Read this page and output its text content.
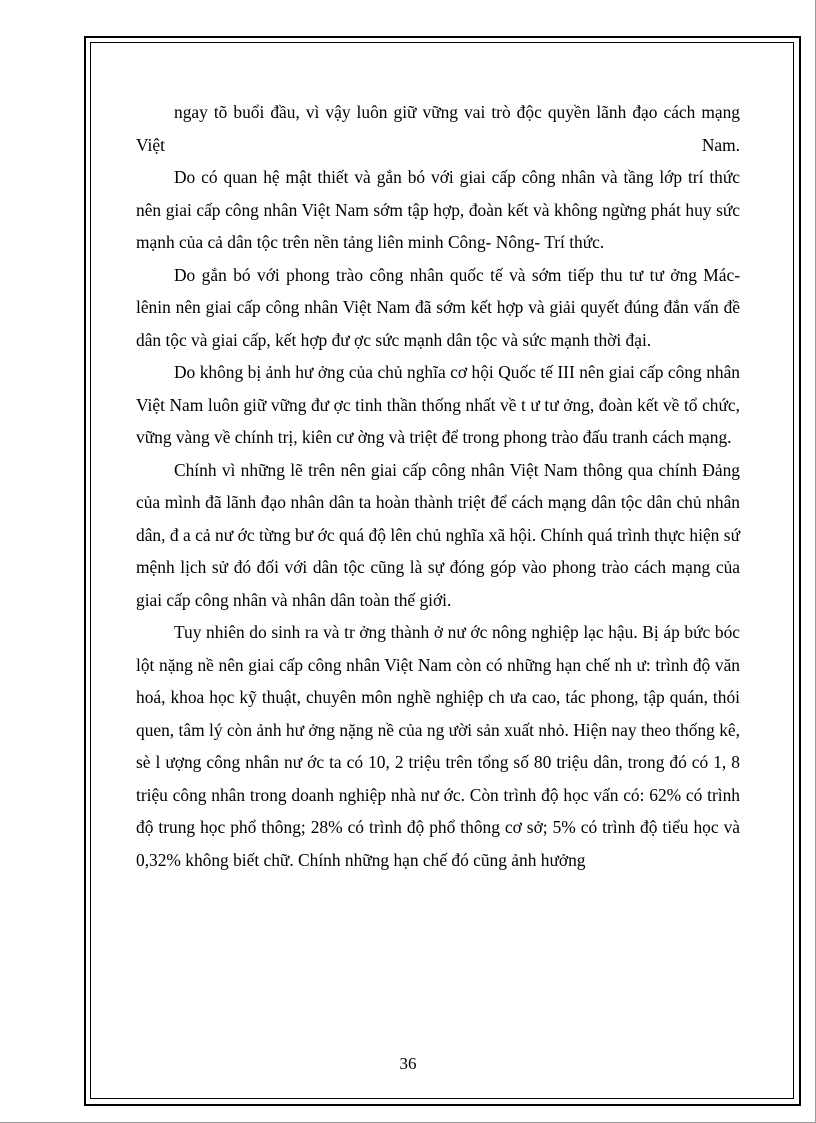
ngay tõ buổi đầu, vì vậy luôn giữ vững vai trò độc quyền lãnh đạo cách mạng Việt Nam.

Do có quan hệ mật thiết và gắn bó với giai cấp công nhân và tầng lớp trí thức nên giai cấp công nhân Việt Nam sớm tập hợp, đoàn kết và không ngừng phát huy sức mạnh của cả dân tộc trên nền tảng liên minh Công- Nông- Trí thức.

Do gắn bó với phong trào công nhân quốc tế và sớm tiếp thu tư tư ởng Mác- lênin nên giai cấp công nhân Việt Nam đã sớm kết hợp và giải quyết đúng đắn vấn đề dân tộc và giai cấp, kết hợp đư ợc sức mạnh dân tộc và sức mạnh thời đại.

Do không bị ảnh hư ởng của chủ nghĩa cơ hội Quốc tế III nên giai cấp công nhân Việt Nam luôn giữ vững đư ợc tinh thần thống nhất về t ư tư ởng, đoàn kết về tổ chức, vững vàng về chính trị, kiên cư ờng và triệt để trong phong trào đấu tranh cách mạng.

Chính vì những lẽ trên nên giai cấp công nhân Việt Nam thông qua chính Đảng của mình đã lãnh đạo nhân dân ta hoàn thành triệt để cách mạng dân tộc dân chủ nhân dân, đ a cả nư ớc từng bư ớc quá độ lên chủ nghĩa xã hội. Chính quá trình thực hiện sứ mệnh lịch sử đó đối với dân tộc cũng là sự đóng góp vào phong trào cách mạng của giai cấp công nhân và nhân dân toàn thế giới.

Tuy nhiên do sinh ra và tr ởng thành ở nư ớc nông nghiệp lạc hậu. Bị áp bức bóc lột nặng nề nên giai cấp công nhân Việt Nam còn có những hạn chế nh ư: trình độ văn hoá, khoa học kỹ thuật, chuyên môn nghề nghiệp ch ưa cao, tác phong, tập quán, thói quen, tâm lý còn ảnh hư ởng nặng nề của ng ười sản xuất nhỏ. Hiện nay theo thống kê, sè l ượng công nhân nư ớc ta có 10, 2 triệu trên tổng số 80 triệu dân, trong đó có 1, 8 triệu công nhân trong doanh nghiệp nhà nư ớc. Còn trình độ học vấn có: 62% có trình độ trung học phổ thông; 28% có trình độ phổ thông cơ sở; 5% có trình độ tiểu học và 0,32% không biết chữ. Chính những hạn chế đó cũng ảnh hưởng

36
